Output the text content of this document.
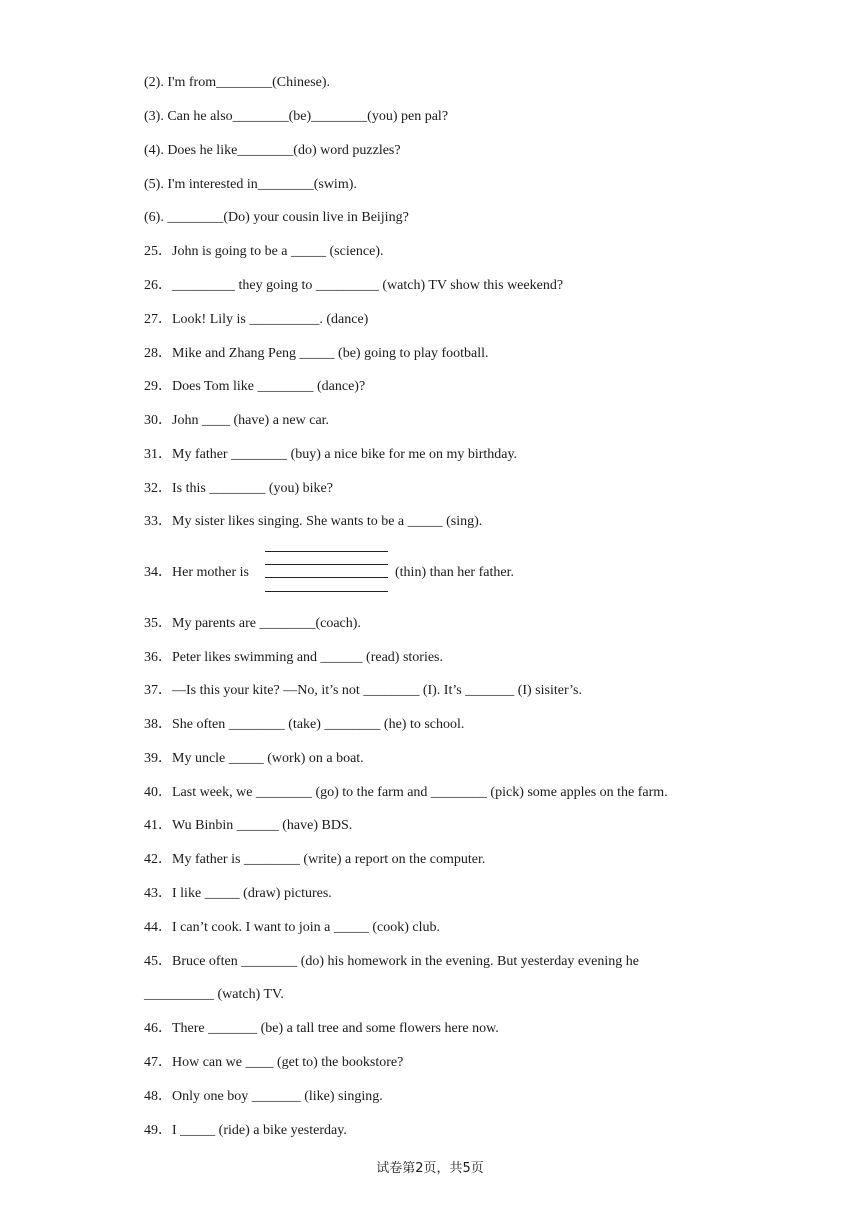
(2). I'm from________(Chinese).
(3). Can he also________(be)________(you) pen pal?
(4). Does he like________(do) word puzzles?
(5). I'm interested in________(swim).
(6). ________(Do) your cousin live in Beijing?
25．John is going to be a _____ (science).
26．_________ they going to _________ (watch) TV show this weekend?
27．Look! Lily is __________. (dance)
28．Mike and Zhang Peng _____ (be) going to play football.
29．Does Tom like ________ (dance)?
30．John ____ (have) a new car.
31．My father ________ (buy) a nice bike for me on my birthday.
32．Is this ________ (you) bike?
33．My sister likes singing. She wants to be a _____ (sing).
35．My parents are ________(coach).
36．Peter likes swimming and ______ (read) stories.
37．—Is this your kite? —No, it’s not ________ (I). It’s _______ (I) sisiter’s.
38．She often ________ (take) ________ (he) to school.
39．My uncle _____ (work) on a boat.
40．Last week, we ________ (go) to the farm and ________ (pick) some apples on the farm.
41．Wu Binbin ______ (have) BDS.
42．My father is ________ (write) a report on the computer.
43．I like _____ (draw) pictures.
44．I can’t cook. I want to join a _____ (cook) club.
45．Bruce often ________ (do) his homework in the evening. But yesterday evening he
__________ (watch) TV.
46．There _______ (be) a tall tree and some flowers here now.
47．How can we ____ (get to) the bookstore?
48．Only one boy _______ (like) singing.
49．I _____ (ride) a bike yesterday.
34．Her mother is	(thin) than her father.
试卷第2页，共5页
